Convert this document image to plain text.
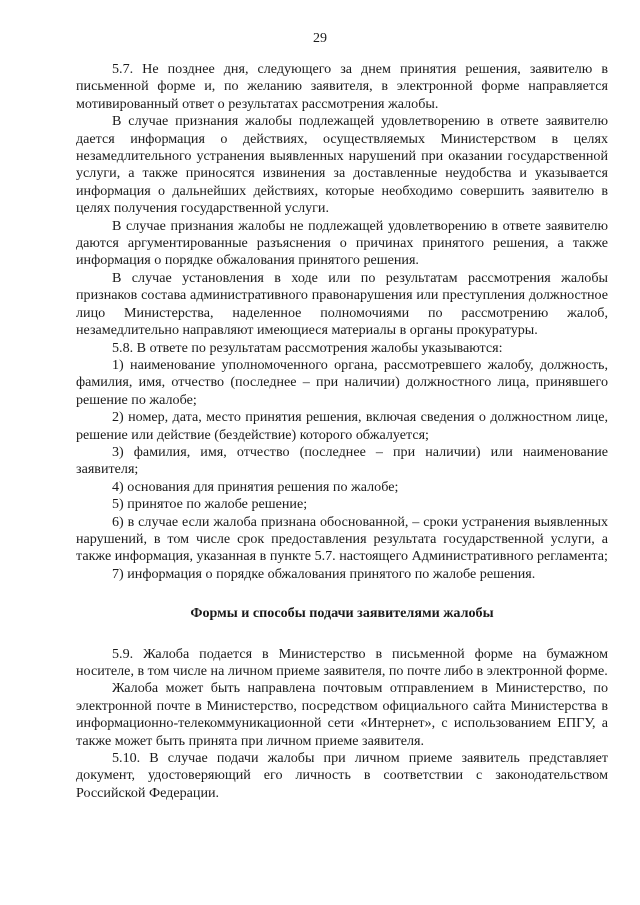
29

5.7. Не позднее дня, следующего за днем принятия решения, заявителю в письменной форме и, по желанию заявителя, в электронной форме направляется мотивированный ответ о результатах рассмотрения жалобы.

В случае признания жалобы подлежащей удовлетворению в ответе заявителю дается информация о действиях, осуществляемых Министерством в целях незамедлительного устранения выявленных нарушений при оказании государственной услуги, а также приносятся извинения за доставленные неудобства и указывается информация о дальнейших действиях, которые необходимо совершить заявителю в целях получения государственной услуги.

В случае признания жалобы не подлежащей удовлетворению в ответе заявителю даются аргументированные разъяснения о причинах принятого решения, а также информация о порядке обжалования принятого решения.

В случае установления в ходе или по результатам рассмотрения жалобы признаков состава административного правонарушения или преступления должностное лицо Министерства, наделенное полномочиями по рассмотрению жалоб, незамедлительно направляют имеющиеся материалы в органы прокуратуры.

5.8. В ответе по результатам рассмотрения жалобы указываются:

1) наименование уполномоченного органа, рассмотревшего жалобу, должность, фамилия, имя, отчество (последнее – при наличии) должностного лица, принявшего решение по жалобе;

2) номер, дата, место принятия решения, включая сведения о должностном лице, решение или действие (бездействие) которого обжалуется;

3) фамилия, имя, отчество (последнее – при наличии) или наименование заявителя;

4) основания для принятия решения по жалобе;

5) принятое по жалобе решение;

6) в случае если жалоба признана обоснованной, – сроки устранения выявленных нарушений, в том числе срок предоставления результата государственной услуги, а также информация, указанная в пункте 5.7. настоящего Административного регламента;

7) информация о порядке обжалования принятого по жалобе решения.

Формы и способы подачи заявителями жалобы

5.9. Жалоба подается в Министерство в письменной форме на бумажном носителе, в том числе на личном приеме заявителя, по почте либо в электронной форме.

Жалоба может быть направлена почтовым отправлением в Министерство, по электронной почте в Министерство, посредством официального сайта Министерства в информационно-телекоммуникационной сети «Интернет», с использованием ЕПГУ, а также может быть принята при личном приеме заявителя.

5.10. В случае подачи жалобы при личном приеме заявитель представляет документ, удостоверяющий его личность в соответствии с законодательством Российской Федерации.
